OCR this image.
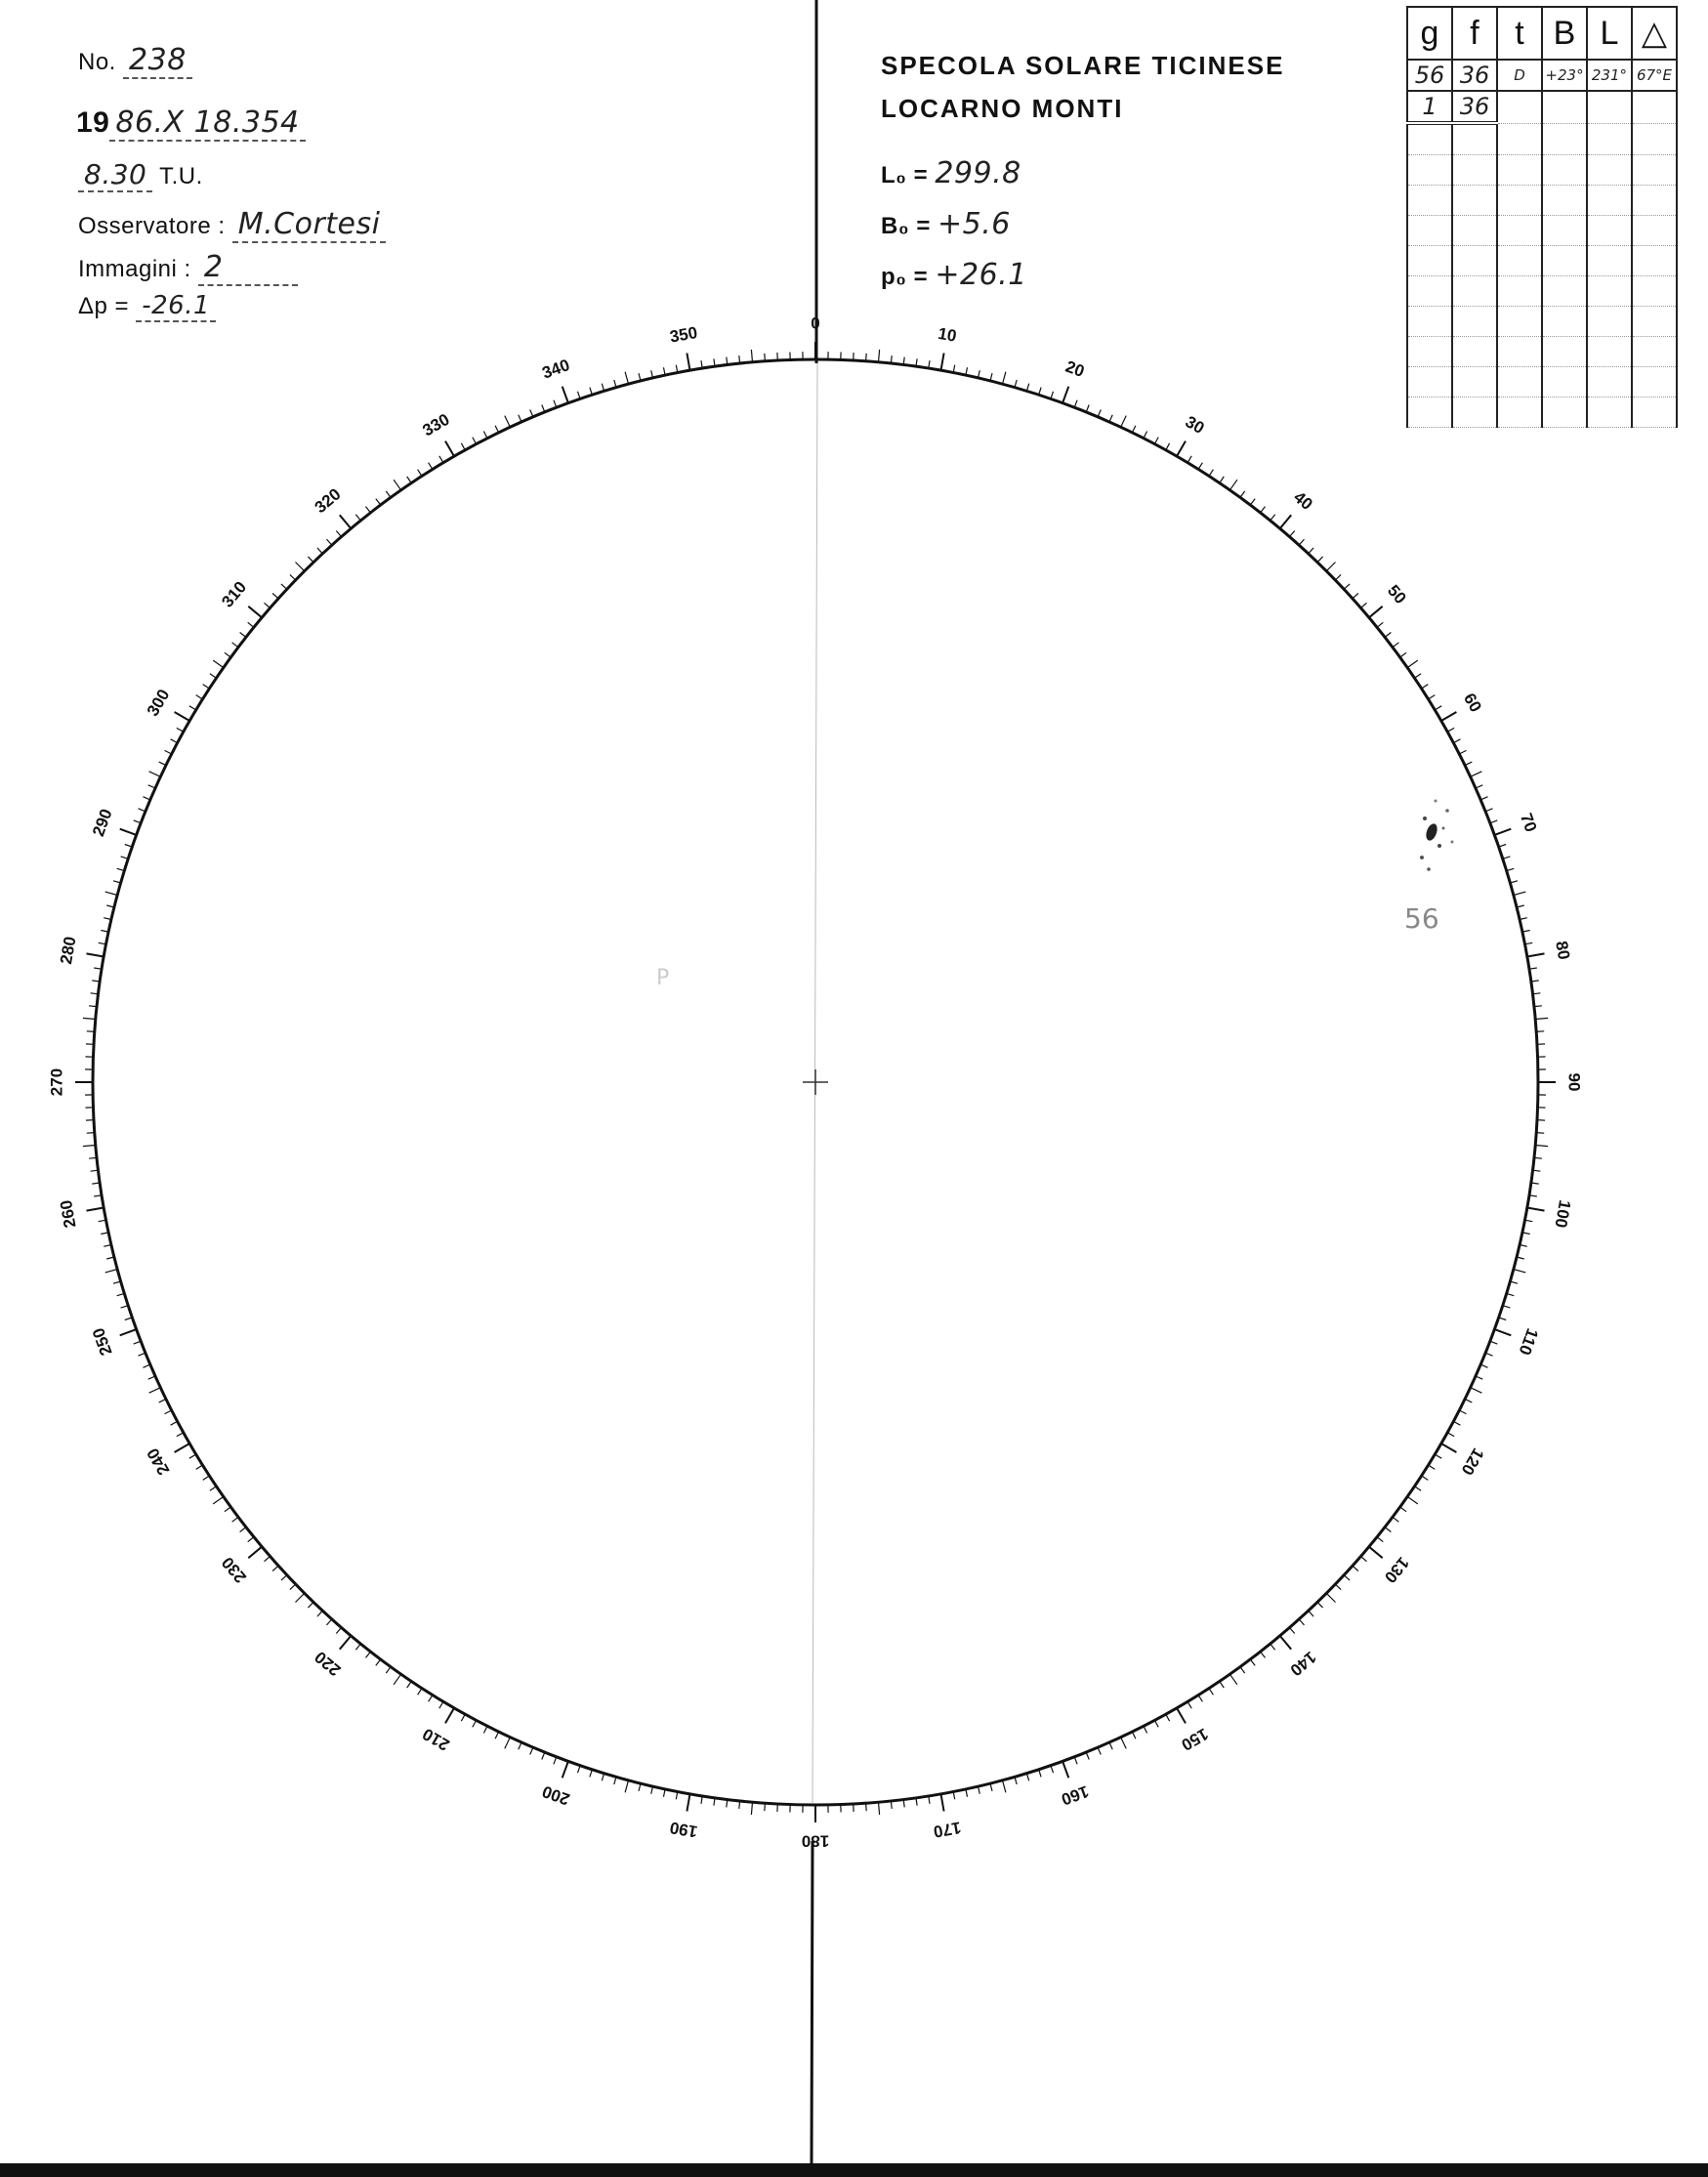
No. 238
19 86.X 18.354
8.30 T.U.
Osservatore : M.Cortesi
Immagini : 2
Δp = -26.1
SPECOLA SOLARE TICINESE
LOCARNO MONTI
L₀ = 299.8
B₀ = +5.6
p₀ = +26.1
g	f	t	B	L	△
56	36	D	+23°	231°	67°E
1	36				

0
10
20
30
40
50
60
70
80
90
100
110
120
130
140
150
160
170
180
190
200
210
220
230
240
250
260
270
280
290
300
310
320
330
340
350
56
P
